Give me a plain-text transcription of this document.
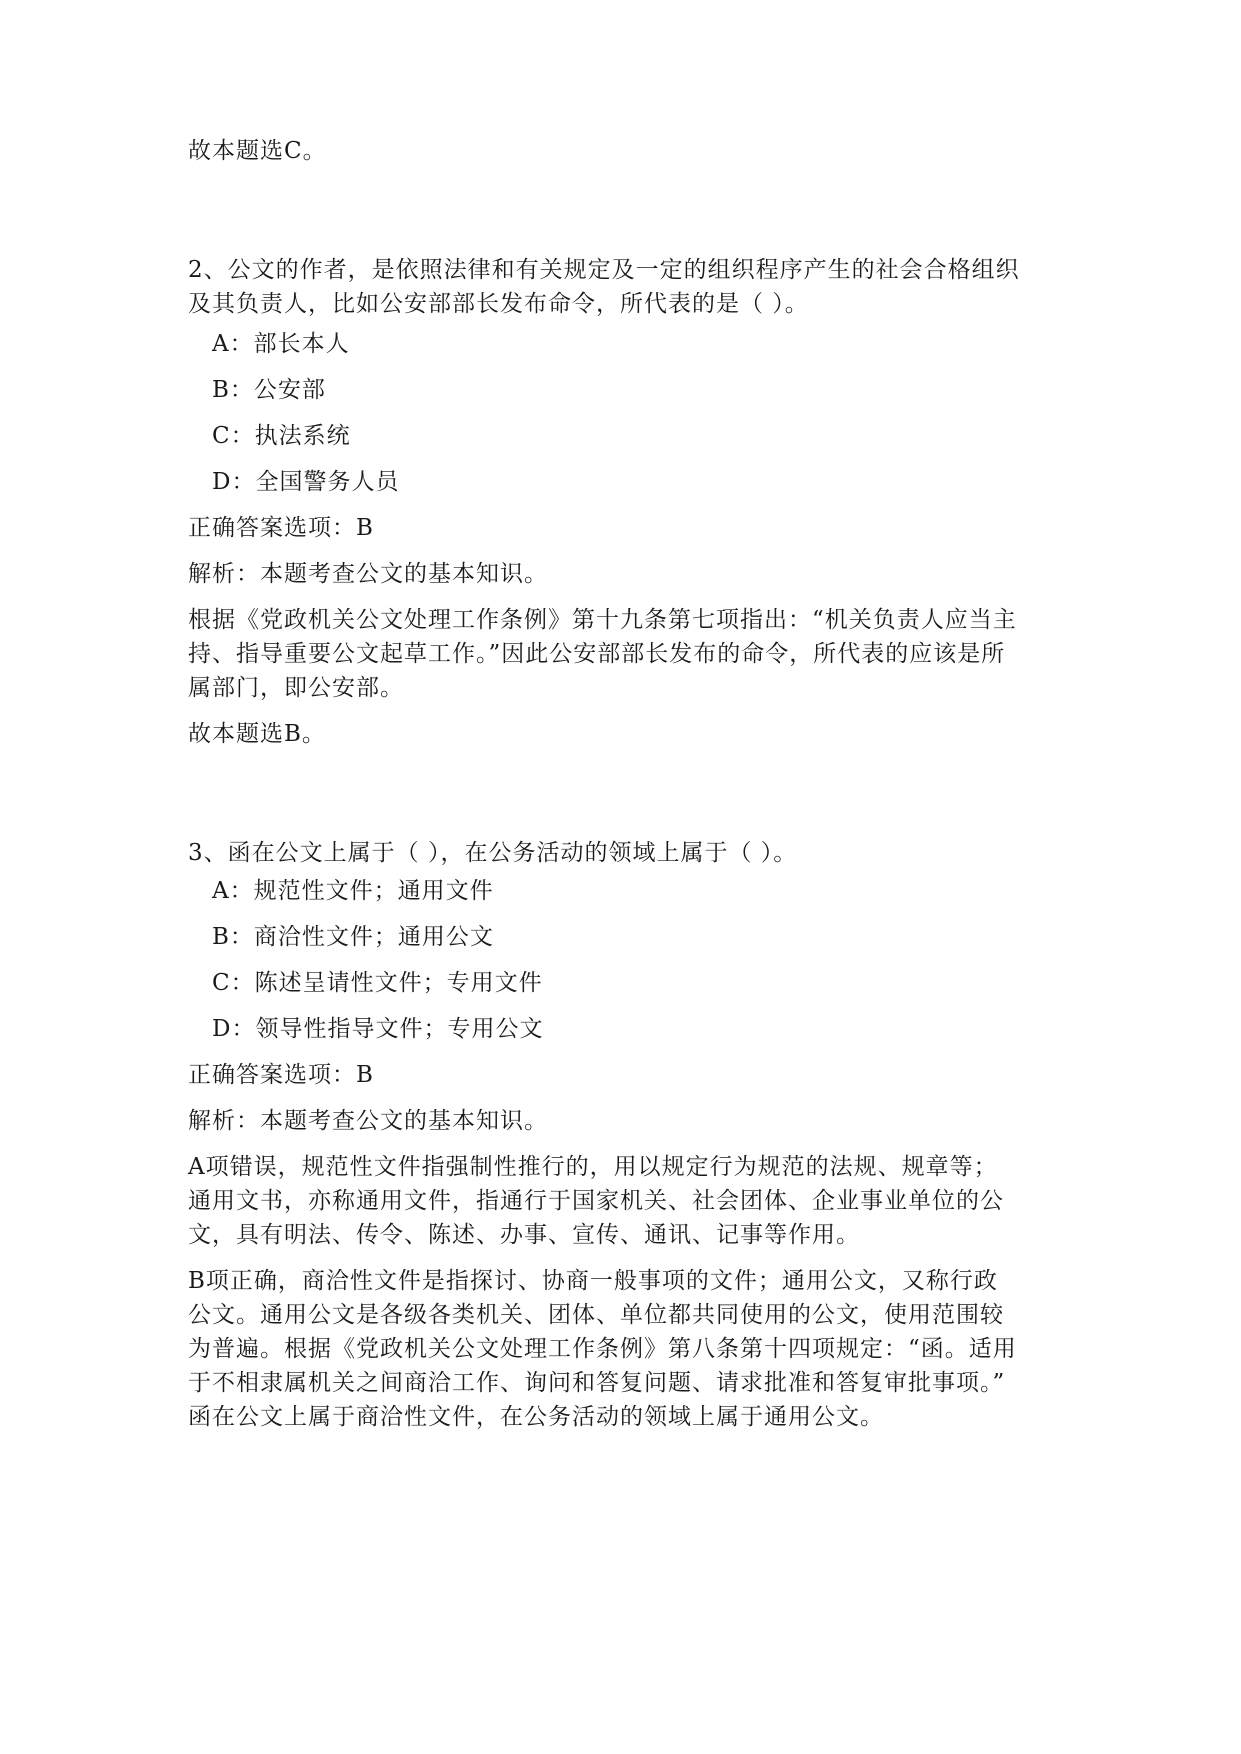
故本题选C。
2、公文的作者，是依照法律和有关规定及一定的组织程序产生的社会合格组织
及其负责人，比如公安部部长发布命令，所代表的是（ ）。
A：部长本人
B：公安部
C：执法系统
D：全国警务人员
正确答案选项：B
解析：本题考查公文的基本知识。
根据《党政机关公文处理工作条例》第十九条第七项指出：“机关负责人应当主
持、指导重要公文起草工作。”因此公安部部长发布的命令，所代表的应该是所
属部门，即公安部。
故本题选B。
3、函在公文上属于（ ），在公务活动的领域上属于（ ）。
A：规范性文件；通用文件
B：商洽性文件；通用公文
C：陈述呈请性文件；专用文件
D：领导性指导文件；专用公文
正确答案选项：B
解析：本题考查公文的基本知识。
A项错误，规范性文件指强制性推行的，用以规定行为规范的法规、规章等；
通用文书，亦称通用文件，指通行于国家机关、社会团体、企业事业单位的公
文，具有明法、传令、陈述、办事、宣传、通讯、记事等作用。
B项正确，商洽性文件是指探讨、协商一般事项的文件；通用公文，又称行政
公文。通用公文是各级各类机关、团体、单位都共同使用的公文，使用范围较
为普遍。根据《党政机关公文处理工作条例》第八条第十四项规定：“函。适用
于不相隶属机关之间商洽工作、询问和答复问题、请求批准和答复审批事项。”
函在公文上属于商洽性文件，在公务活动的领域上属于通用公文。
